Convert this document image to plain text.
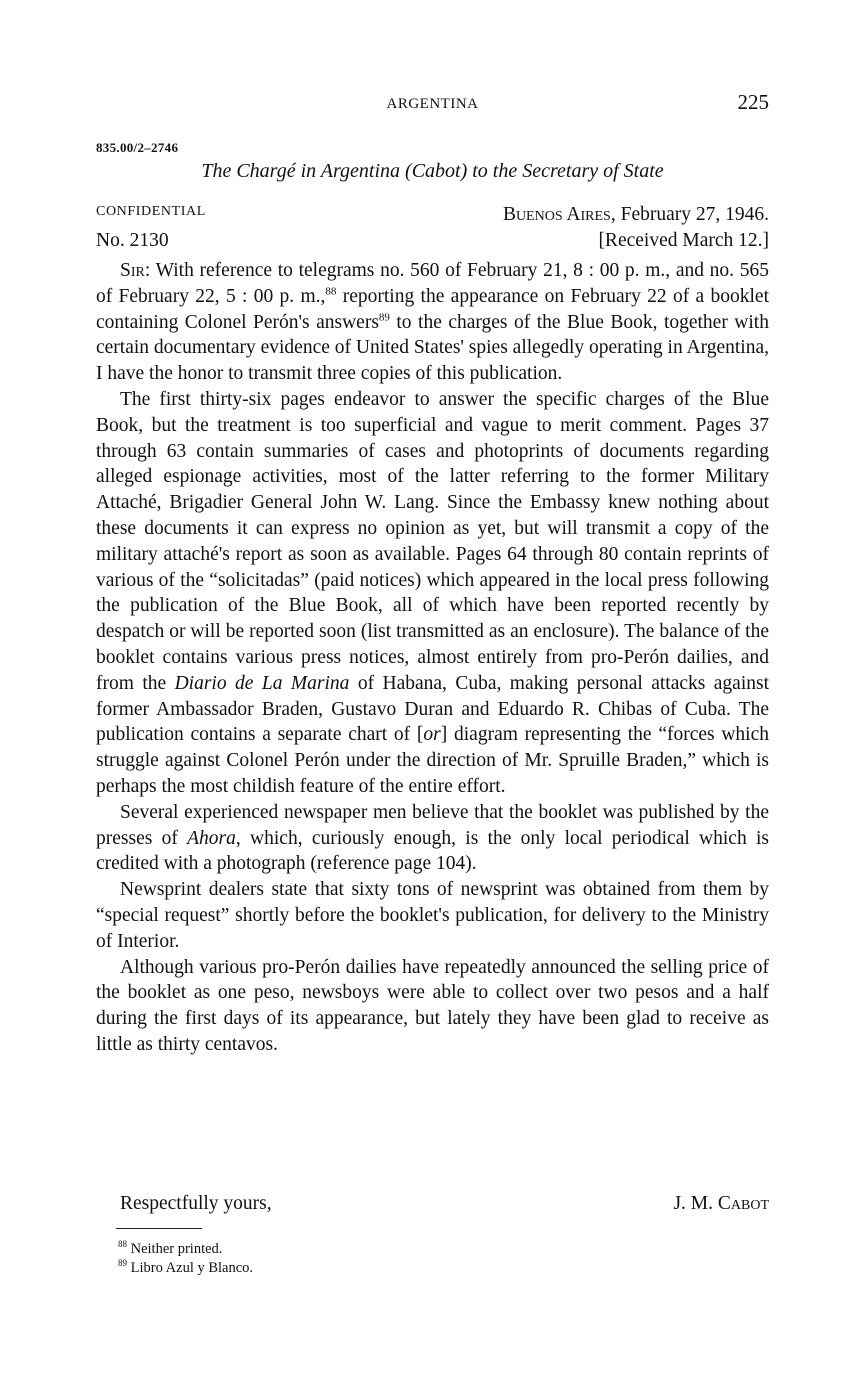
ARGENTINA	225
835.00/2–2746
The Chargé in Argentina (Cabot) to the Secretary of State
CONFIDENTIAL	Buenos Aires, February 27, 1946.
No. 2130	[Received March 12.]

Sir: With reference to telegrams no. 560 of February 21, 8 : 00 p. m., and no. 565 of February 22, 5 : 00 p. m.,$^{88}$ reporting the appearance on February 22 of a booklet containing Colonel Perón's answers$^{89}$ to the charges of the Blue Book, together with certain documentary evidence of United States' spies allegedly operating in Argentina, I have the honor to transmit three copies of this publication.

The first thirty-six pages endeavor to answer the specific charges of the Blue Book, but the treatment is too superficial and vague to merit comment. Pages 37 through 63 contain summaries of cases and photoprints of documents regarding alleged espionage activities, most of the latter referring to the former Military Attaché, Brigadier General John W. Lang. Since the Embassy knew nothing about these documents it can express no opinion as yet, but will transmit a copy of the military attaché's report as soon as available. Pages 64 through 80 contain reprints of various of the “solicitadas” (paid notices) which appeared in the local press following the publication of the Blue Book, all of which have been reported recently by despatch or will be reported soon (list transmitted as an enclosure). The balance of the booklet contains various press notices, almost entirely from pro-Perón dailies, and from the Diario de La Marina of Habana, Cuba, making personal attacks against former Ambassador Braden, Gustavo Duran and Eduardo R. Chibas of Cuba. The publication contains a separate chart of [or] diagram representing the “forces which struggle against Colonel Perón under the direction of Mr. Spruille Braden,” which is perhaps the most childish feature of the entire effort.

Several experienced newspaper men believe that the booklet was published by the presses of Ahora, which, curiously enough, is the only local periodical which is credited with a photograph (reference page 104).

Newsprint dealers state that sixty tons of newsprint was obtained from them by “special request” shortly before the booklet's publication, for delivery to the Ministry of Interior.

Although various pro-Perón dailies have repeatedly announced the selling price of the booklet as one peso, newsboys were able to collect over two pesos and a half during the first days of its appearance, but lately they have been glad to receive as little as thirty centavos.

Respectfully yours,	J. M. Cabot
$^{88}$ Neither printed.
$^{89}$ Libro Azul y Blanco.
